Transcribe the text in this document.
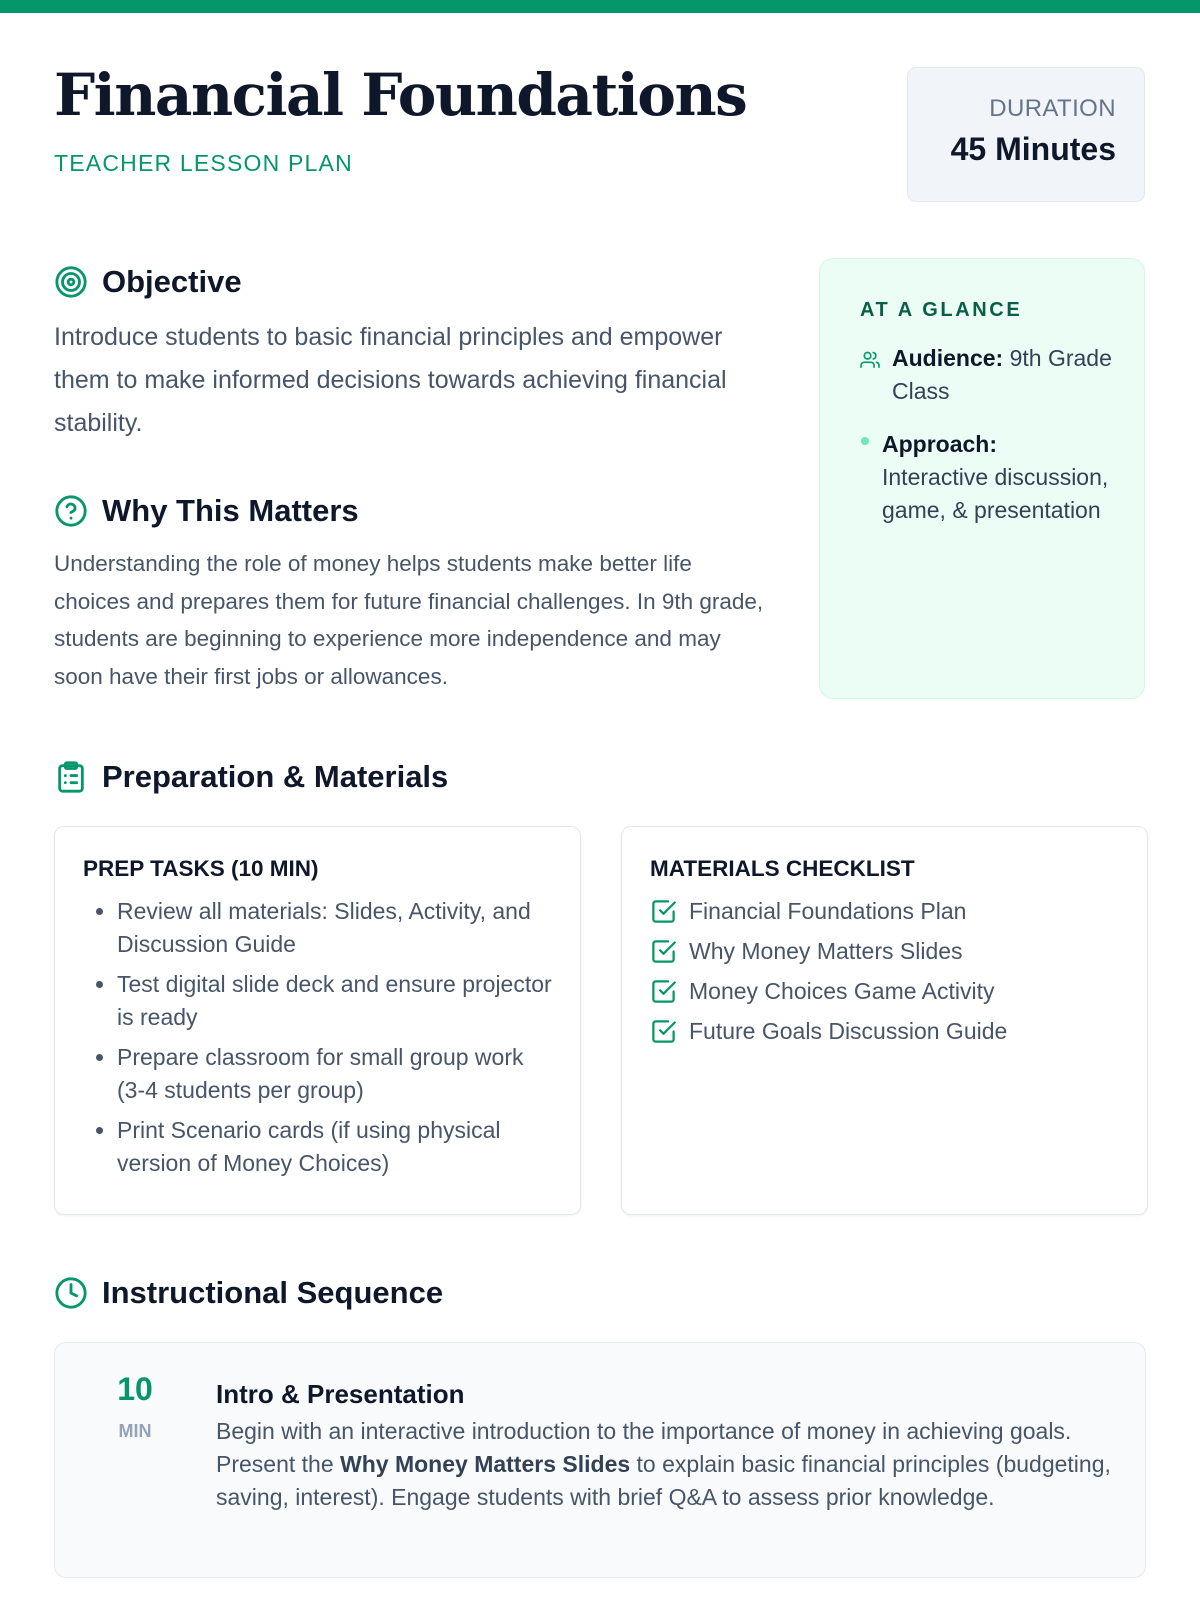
Financial Foundations
TEACHER LESSON PLAN
DURATION
45 Minutes
Objective

Introduce students to basic financial principles and empower them to make informed decisions towards achieving financial stability.

Why This Matters

Understanding the role of money helps students make better life choices and prepares them for future financial challenges. In 9th grade, students are beginning to experience more independence and may soon have their first jobs or allowances.

AT A GLANCE
Audience: 9th Grade Class
Approach:
Interactive discussion, game, & presentation
Preparation & Materials
PREP TASKS (10 MIN)
• Review all materials: Slides, Activity, and Discussion Guide
• Test digital slide deck and ensure projector is ready
• Prepare classroom for small group work (3-4 students per group)
• Print Scenario cards (if using physical version of Money Choices)
MATERIALS CHECKLIST
Financial Foundations Plan
Why Money Matters Slides
Money Choices Game Activity
Future Goals Discussion Guide
Instructional Sequence
10
MIN
Intro & Presentation

Begin with an interactive introduction to the importance of money in achieving goals. Present the Why Money Matters Slides to explain basic financial principles (budgeting, saving, interest). Engage students with brief Q&A to assess prior knowledge.
